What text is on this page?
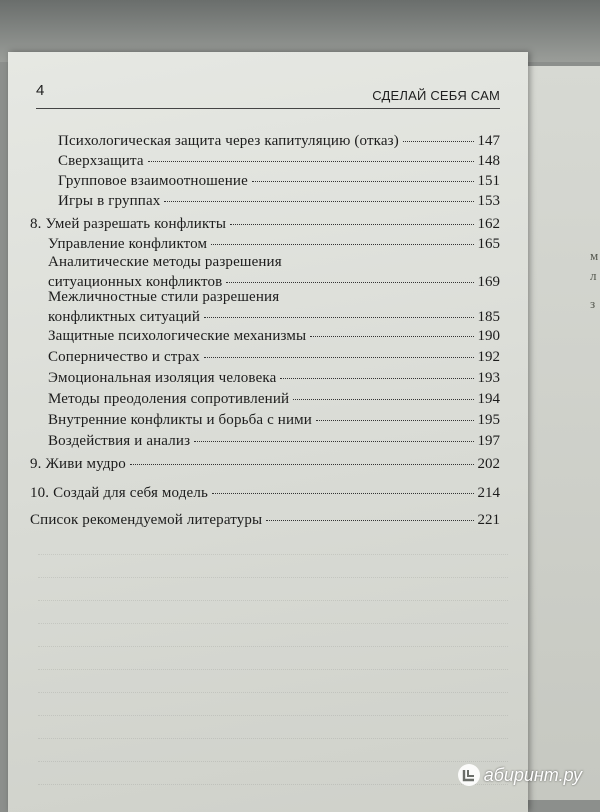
м
л
з
4	СДЕЛАЙ СЕБЯ САМ
Психологическая защита через капитуляцию (отказ)	147
Сверхзащита	148
Групповое взаимоотношение	151
Игры в группах	153
8. Умей разрешать конфликты	162
Управление конфликтом	165
Аналитические методы разрешения
ситуационных конфликтов	169
Межличностные стили разрешения
конфликтных ситуаций	185
Защитные психологические механизмы	190
Соперничество и страх	192
Эмоциональная изоляция человека	193
Методы преодоления сопротивлений	194
Внутренние конфликты и борьба с ними	195
Воздействия и анализ	197
9. Живи мудро	202
10. Создай для себя модель	214
Список рекомендуемой литературы	221

абиринт.ру
